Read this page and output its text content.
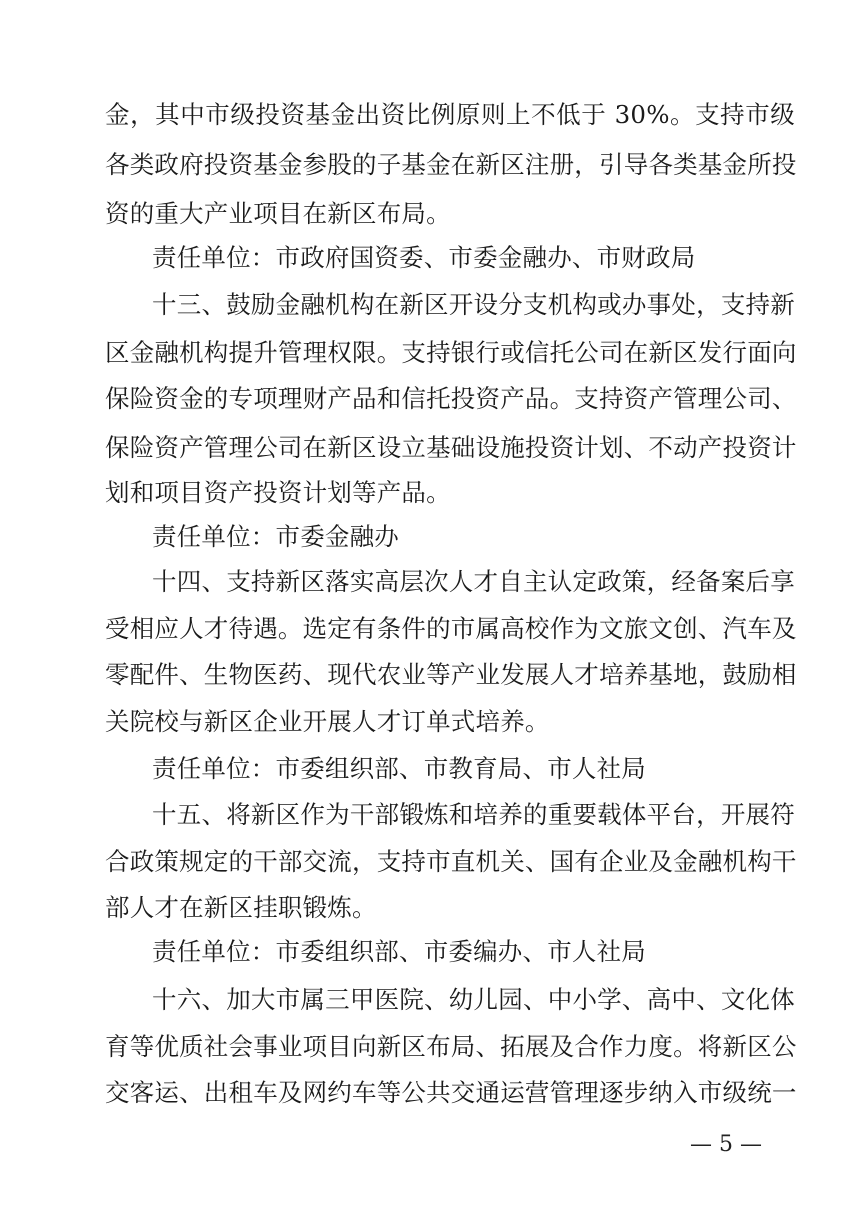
金，其中市级投资基金出资比例原则上不低于 30%。支持市级
各类政府投资基金参股的子基金在新区注册，引导各类基金所投
资的重大产业项目在新区布局。
责任单位：市政府国资委、市委金融办、市财政局
十三、鼓励金融机构在新区开设分支机构或办事处，支持新
区金融机构提升管理权限。支持银行或信托公司在新区发行面向
保险资金的专项理财产品和信托投资产品。支持资产管理公司、
保险资产管理公司在新区设立基础设施投资计划、不动产投资计
划和项目资产投资计划等产品。
责任单位：市委金融办
十四、支持新区落实高层次人才自主认定政策，经备案后享
受相应人才待遇。选定有条件的市属高校作为文旅文创、汽车及
零配件、生物医药、现代农业等产业发展人才培养基地，鼓励相
关院校与新区企业开展人才订单式培养。
责任单位：市委组织部、市教育局、市人社局
十五、将新区作为干部锻炼和培养的重要载体平台，开展符
合政策规定的干部交流，支持市直机关、国有企业及金融机构干
部人才在新区挂职锻炼。
责任单位：市委组织部、市委编办、市人社局
十六、加大市属三甲医院、幼儿园、中小学、高中、文化体
育等优质社会事业项目向新区布局、拓展及合作力度。将新区公
交客运、出租车及网约车等公共交通运营管理逐步纳入市级统一
— 5 —
